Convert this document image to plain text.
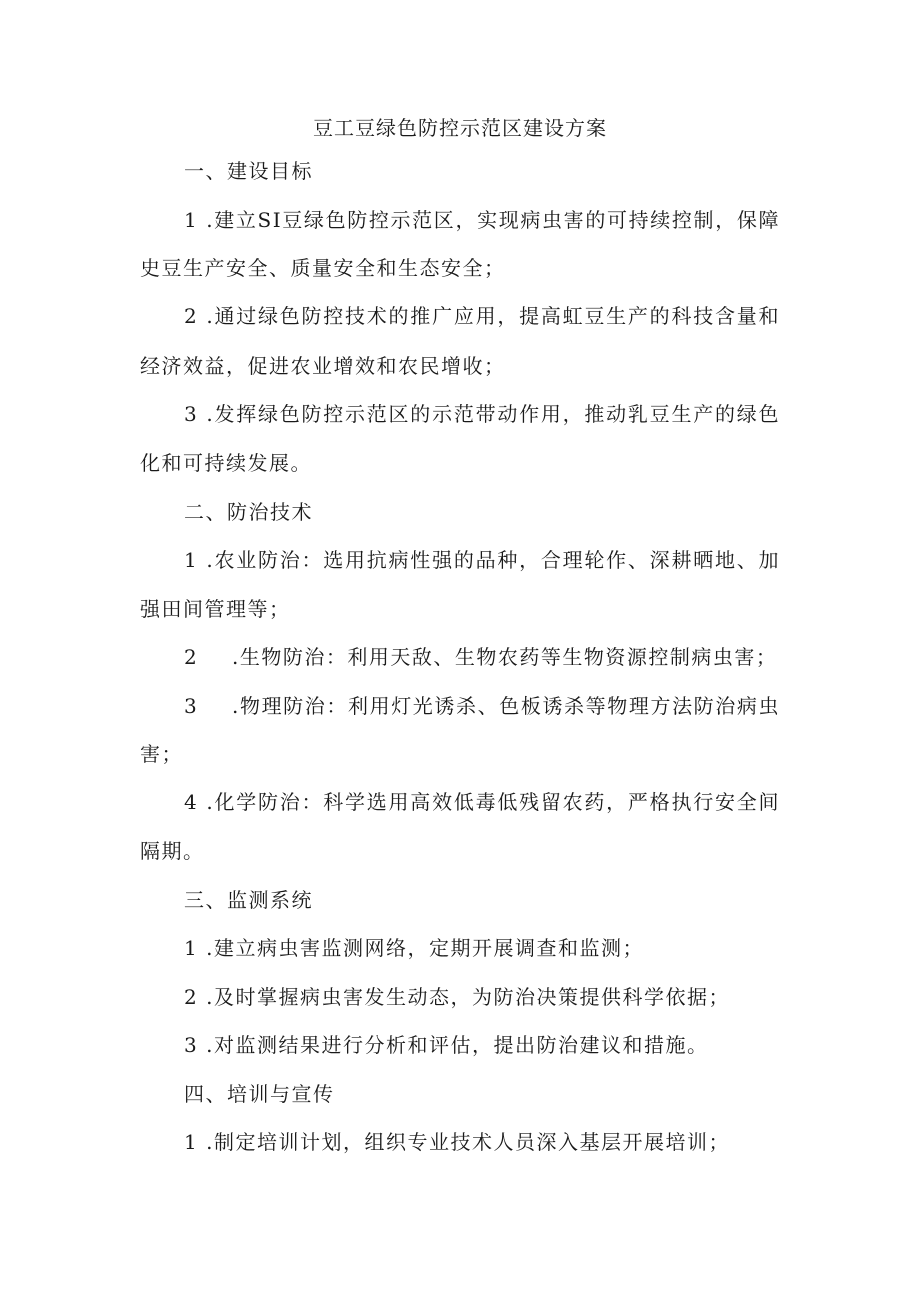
豆工豆绿色防控示范区建设方案
一、建设目标
1 .建立SI豆绿色防控示范区，实现病虫害的可持续控制，保障
史豆生产安全、质量安全和生态安全；
2 .通过绿色防控技术的推广应用，提高虹豆生产的科技含量和
经济效益，促进农业增效和农民增收；
3 .发挥绿色防控示范区的示范带动作用，推动乳豆生产的绿色
化和可持续发展。
二、防治技术
1 .农业防治：选用抗病性强的品种，合理轮作、深耕晒地、加
强田间管理等；
2 .生物防治：利用天敌、生物农药等生物资源控制病虫害；
3 .物理防治：利用灯光诱杀、色板诱杀等物理方法防治病虫
害；
4 .化学防治：科学选用高效低毒低残留农药，严格执行安全间
隔期。
三、监测系统
1 .建立病虫害监测网络，定期开展调查和监测；
2 .及时掌握病虫害发生动态，为防治决策提供科学依据；
3 .对监测结果进行分析和评估，提出防治建议和措施。
四、培训与宣传
1 .制定培训计划，组织专业技术人员深入基层开展培训；
